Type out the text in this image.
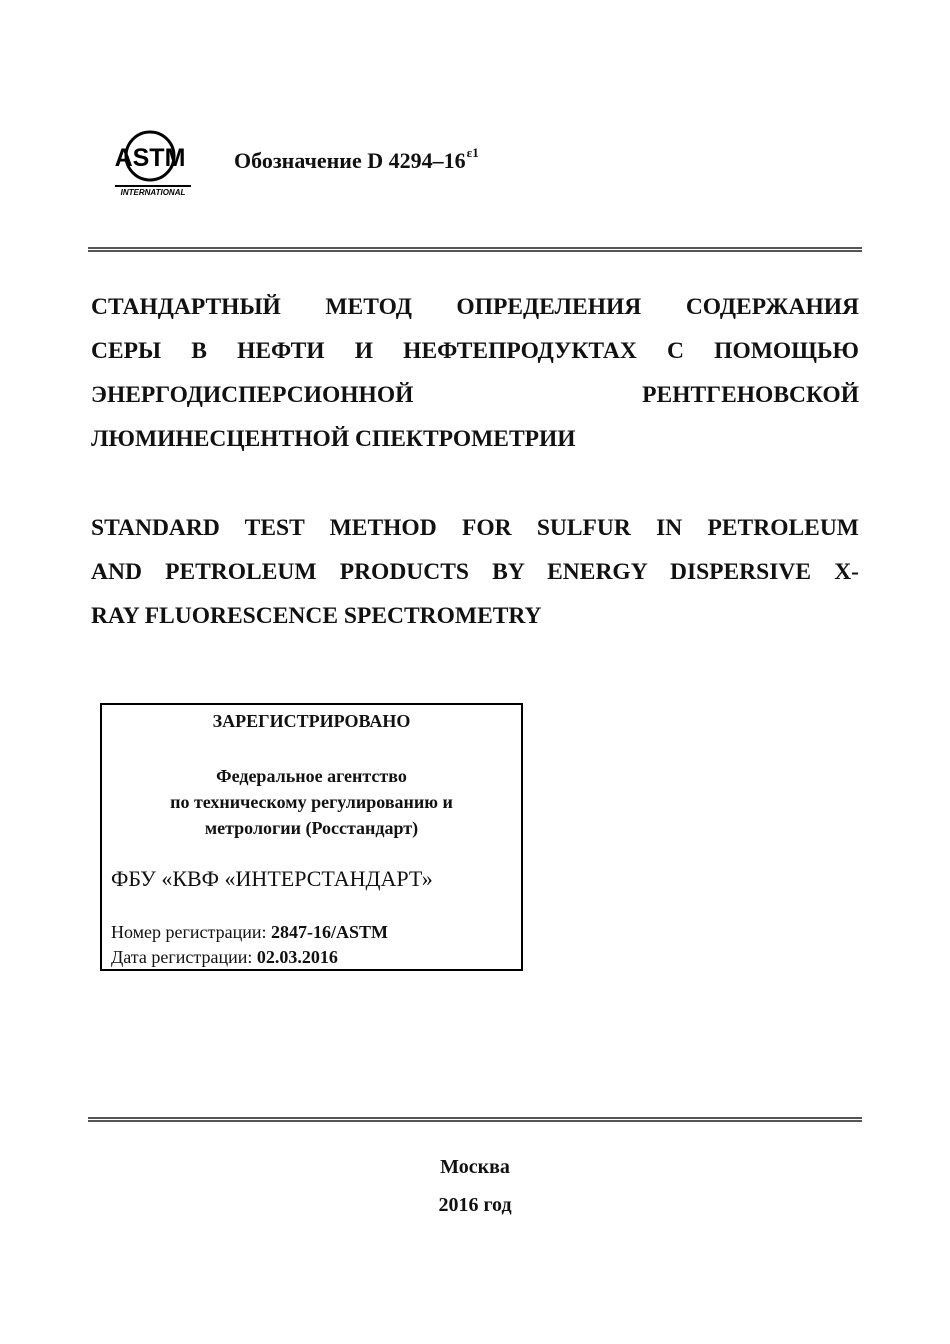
ASTM
INTERNATIONAL
Обозначение D $4294-16^{\varepsilon 1}$
СТАНДАРТНЫЙ МЕТОД ОПРЕДЕЛЕНИЯ СОДЕРЖАНИЯ
СЕРЫ В НЕФТИ И НЕФТЕПРОДУКТАХ С ПОМОЩЬЮ
ЭНЕРГОДИСПЕРСИОННОЙ РЕНТГЕНОВСКОЙ
ЛЮМИНЕСЦЕНТНОЙ СПЕКТРОМЕТРИИ
STANDARD TEST METHOD FOR SULFUR IN PETROLEUM
AND PETROLEUM PRODUCTS BY ENERGY DISPERSIVE X-
RAY FLUORESCENCE SPECTROMETRY
ЗАРЕГИСТРИРОВАНО
Федеральное агентство
по техническому регулированию и
метрологии (Росстандарт)
ФБУ «КВФ «ИНТЕРСТАНДАРТ»
Номер регистрации: 2847-16/ASTM
Дата регистрации: 02.03.2016
Москва
2016 год
